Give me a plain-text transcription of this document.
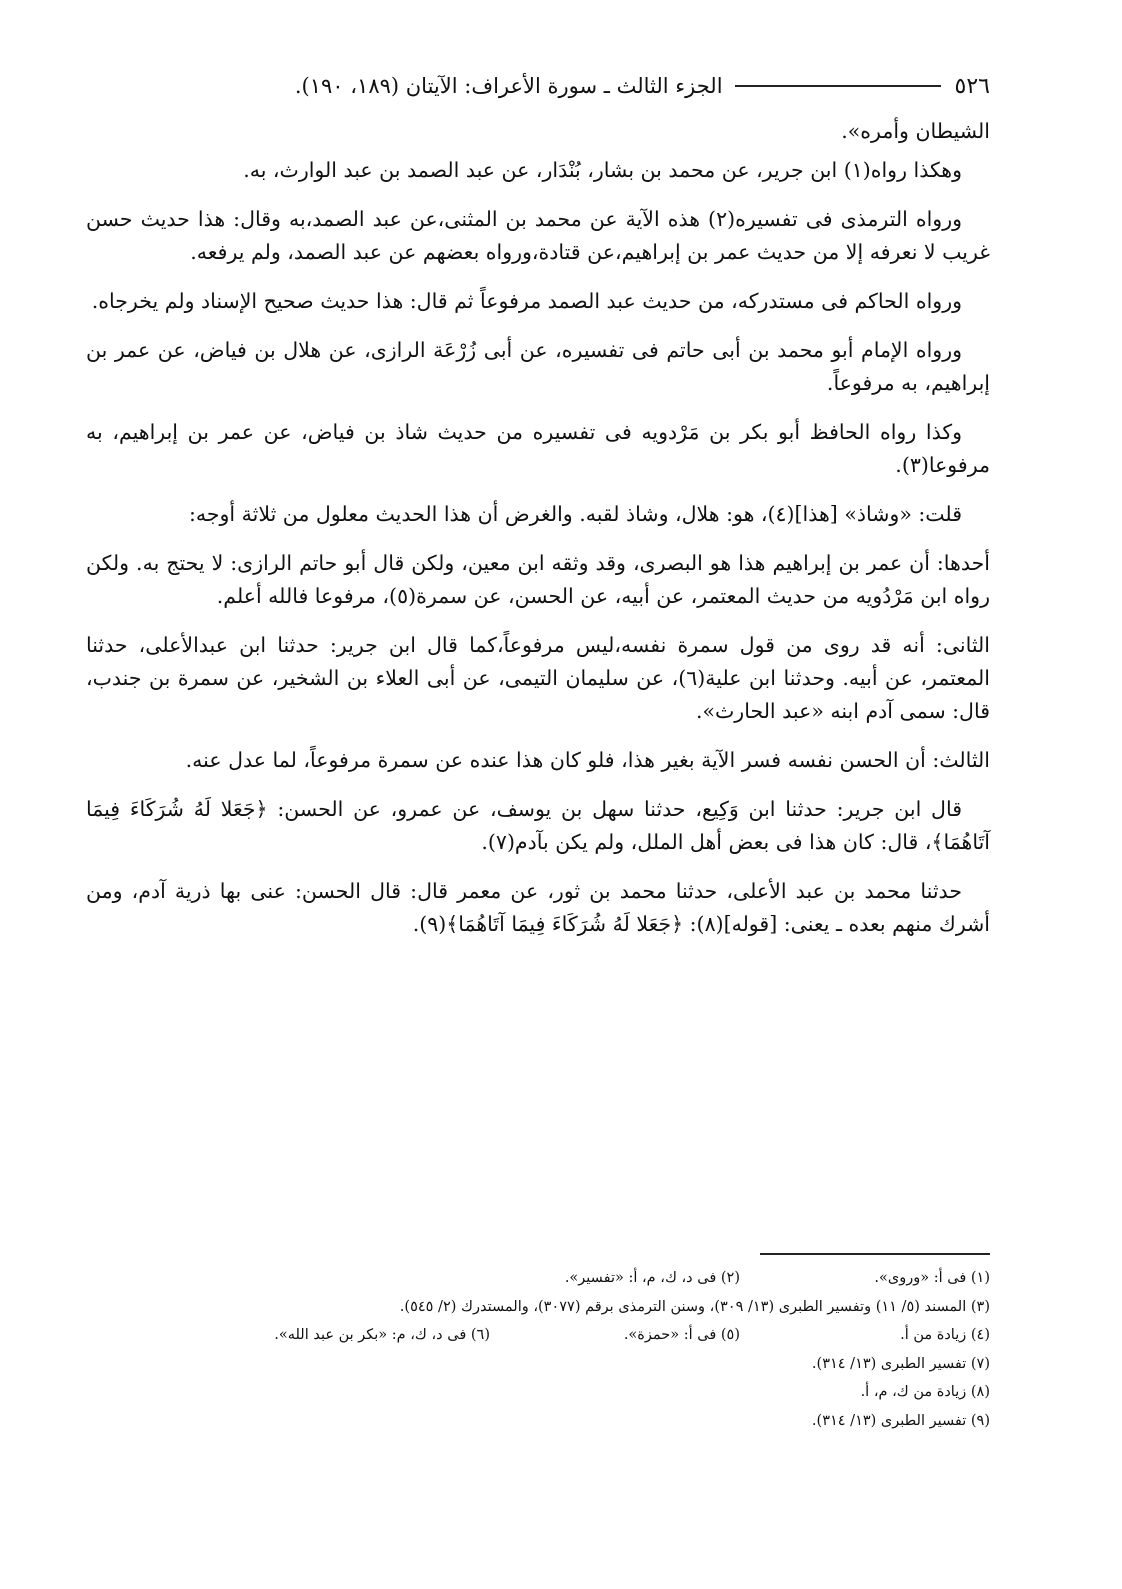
٥٢٦
الجزء الثالث ـ سورة الأعراف: الآيتان (١٨٩، ١٩٠).

الشيطان وأمره».

وهكذا رواه(١) ابن جرير، عن محمد بن بشار، بُنْدَار، عن عبد الصمد بن عبد الوارث، به.

ورواه الترمذى فى تفسيره(٢) هذه الآية عن محمد بن المثنى،عن عبد الصمد،به وقال: هذا حديث حسن غريب لا نعرفه إلا من حديث عمر بن إبراهيم،عن قتادة،ورواه بعضهم عن عبد الصمد، ولم يرفعه.

ورواه الحاكم فى مستدركه، من حديث عبد الصمد مرفوعاً ثم قال: هذا حديث صحيح الإسناد ولم يخرجاه.

ورواه الإمام أبو محمد بن أبى حاتم فى تفسيره، عن أبى زُرْعَة الرازى، عن هلال بن فياض، عن عمر بن إبراهيم، به مرفوعاً.

وكذا رواه الحافظ أبو بكر بن مَرْدويه فى تفسيره من حديث شاذ بن فياض، عن عمر بن إبراهيم، به مرفوعا(٣).

قلت: «وشاذ» [هذا](٤)، هو: هلال، وشاذ لقبه. والغرض أن هذا الحديث معلول من ثلاثة أوجه:

أحدها: أن عمر بن إبراهيم هذا هو البصرى، وقد وثقه ابن معين، ولكن قال أبو حاتم الرازى: لا يحتج به. ولكن رواه ابن مَرْدُويه من حديث المعتمر، عن أبيه، عن الحسن، عن سمرة(٥)، مرفوعا فالله أعلم.

الثانى: أنه قد روى من قول سمرة نفسه،ليس مرفوعاً،كما قال ابن جرير: حدثنا ابن عبدالأعلى، حدثنا المعتمر، عن أبيه. وحدثنا ابن علية(٦)، عن سليمان التيمى، عن أبى العلاء بن الشخير، عن سمرة بن جندب، قال: سمى آدم ابنه «عبد الحارث».

الثالث: أن الحسن نفسه فسر الآية بغير هذا، فلو كان هذا عنده عن سمرة مرفوعاً، لما عدل عنه.

قال ابن جرير: حدثنا ابن وَكِيع، حدثنا سهل بن يوسف، عن عمرو، عن الحسن: ﴿جَعَلا لَهُ شُرَكَاءَ فِيمَا آتَاهُمَا﴾، قال: كان هذا فى بعض أهل الملل، ولم يكن بآدم(٧).

حدثنا محمد بن عبد الأعلى، حدثنا محمد بن ثور، عن معمر قال: قال الحسن: عنى بها ذرية آدم، ومن أشرك منهم بعده ـ يعنى: [قوله](٨): ﴿جَعَلا لَهُ شُرَكَاءَ فِيمَا آتَاهُمَا﴾(٩).

(١) فى أ: «وروى».
(٢) فى د، ك، م، أ: «تفسير».
(٣) المسند (٥/ ١١) وتفسير الطبرى (١٣/ ٣٠٩)، وسنن الترمذى برقم (٣٠٧٧)، والمستدرك (٢/ ٥٤٥).
(٤) زيادة من أ.
(٥) فى أ: «حمزة».
(٦) فى د، ك، م: «بكر بن عبد الله».
(٧) تفسير الطبرى (١٣/ ٣١٤).
(٨) زيادة من ك، م، أ.
(٩) تفسير الطبرى (١٣/ ٣١٤).
